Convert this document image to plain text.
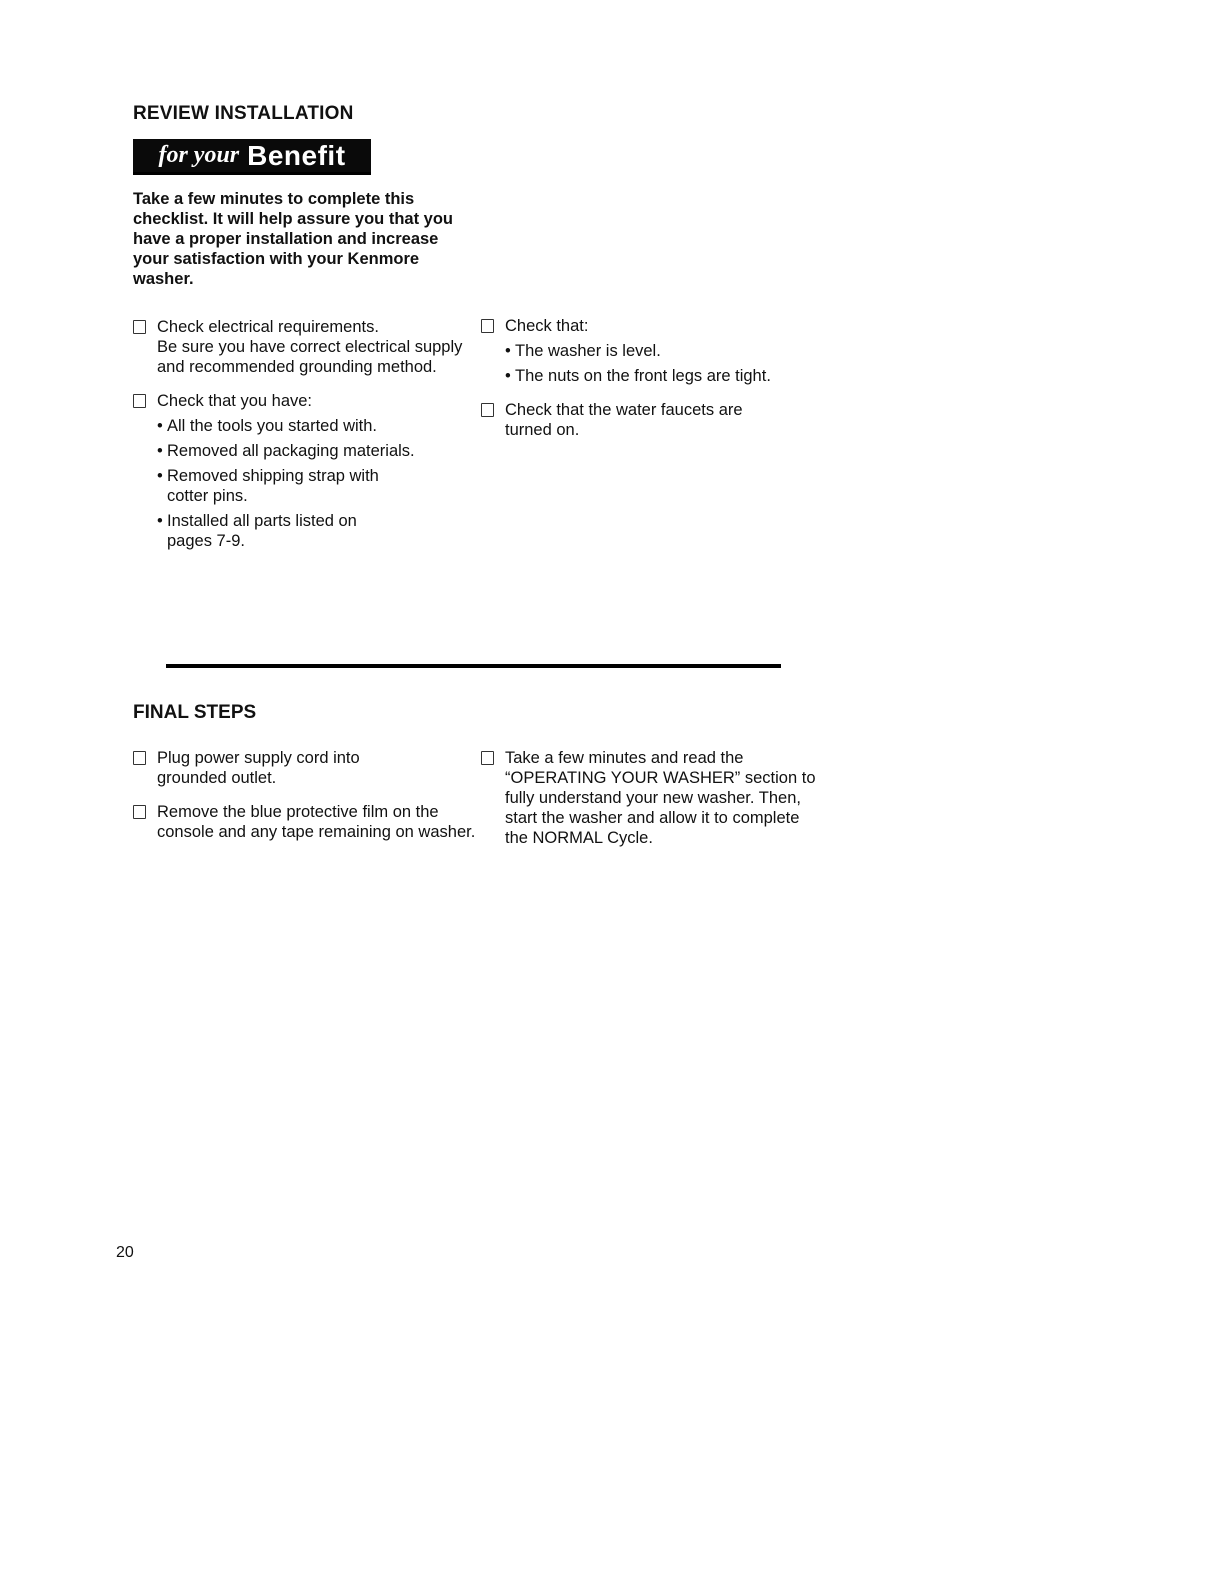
REVIEW INSTALLATION
for your Benefit

Take a few minutes to complete this checklist. It will help assure you that you have a proper installation and increase your satisfaction with your Kenmore washer.

Check electrical requirements.
Be sure you have correct electrical supply and recommended grounding method.
Check that you have:
• All the tools you started with.
• Removed all packaging materials.
• Removed shipping strap with cotter pins.
• Installed all parts listed on pages 7-9.
Check that:
• The washer is level.
• The nuts on the front legs are tight.
Check that the water faucets are turned on.
FINAL STEPS
Plug power supply cord into grounded outlet.
Remove the blue protective film on the console and any tape remaining on washer.
Take a few minutes and read the “OPERATING YOUR WASHER” section to fully understand your new washer. Then, start the washer and allow it to complete the NORMAL Cycle.
20
